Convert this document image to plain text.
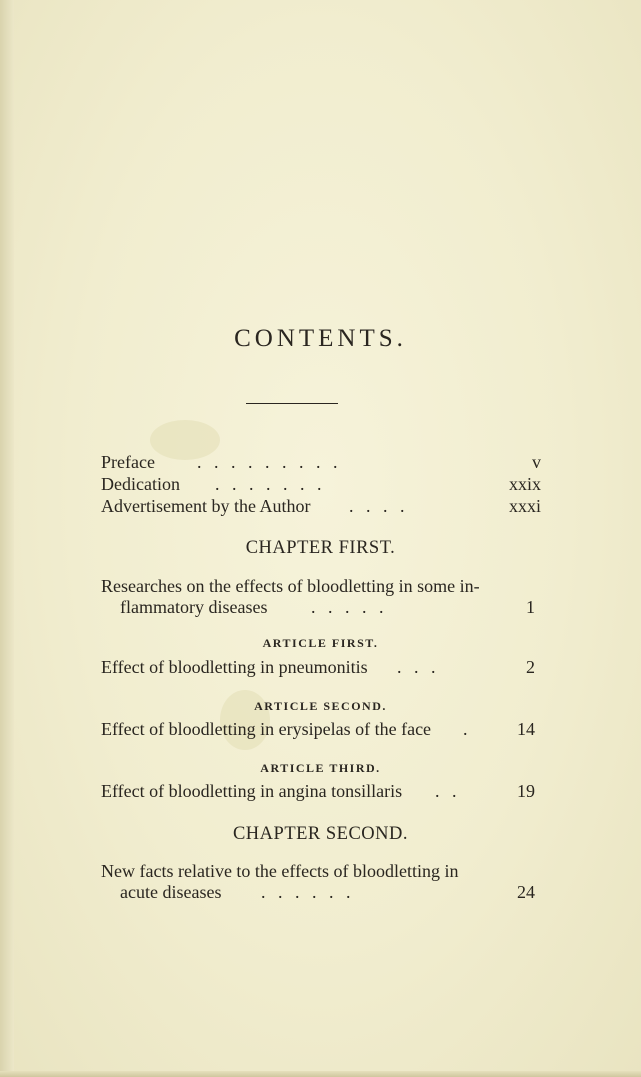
CONTENTS.
Preface . . . . . . . . .	v
Dedication . . . . . . .	xxix
Advertisement by the Author . . . .	xxxi
CHAPTER FIRST.
Researches on the effects of bloodletting in some in-
flammatory diseases . . . . .	1
ARTICLE FIRST.
Effect of bloodletting in pneumonitis . . .	2
ARTICLE SECOND.
Effect of bloodletting in erysipelas of the face .	14
ARTICLE THIRD.
Effect of bloodletting in angina tonsillaris . .	19
CHAPTER SECOND.
New facts relative to the effects of bloodletting in
acute diseases . . . . . .	24
